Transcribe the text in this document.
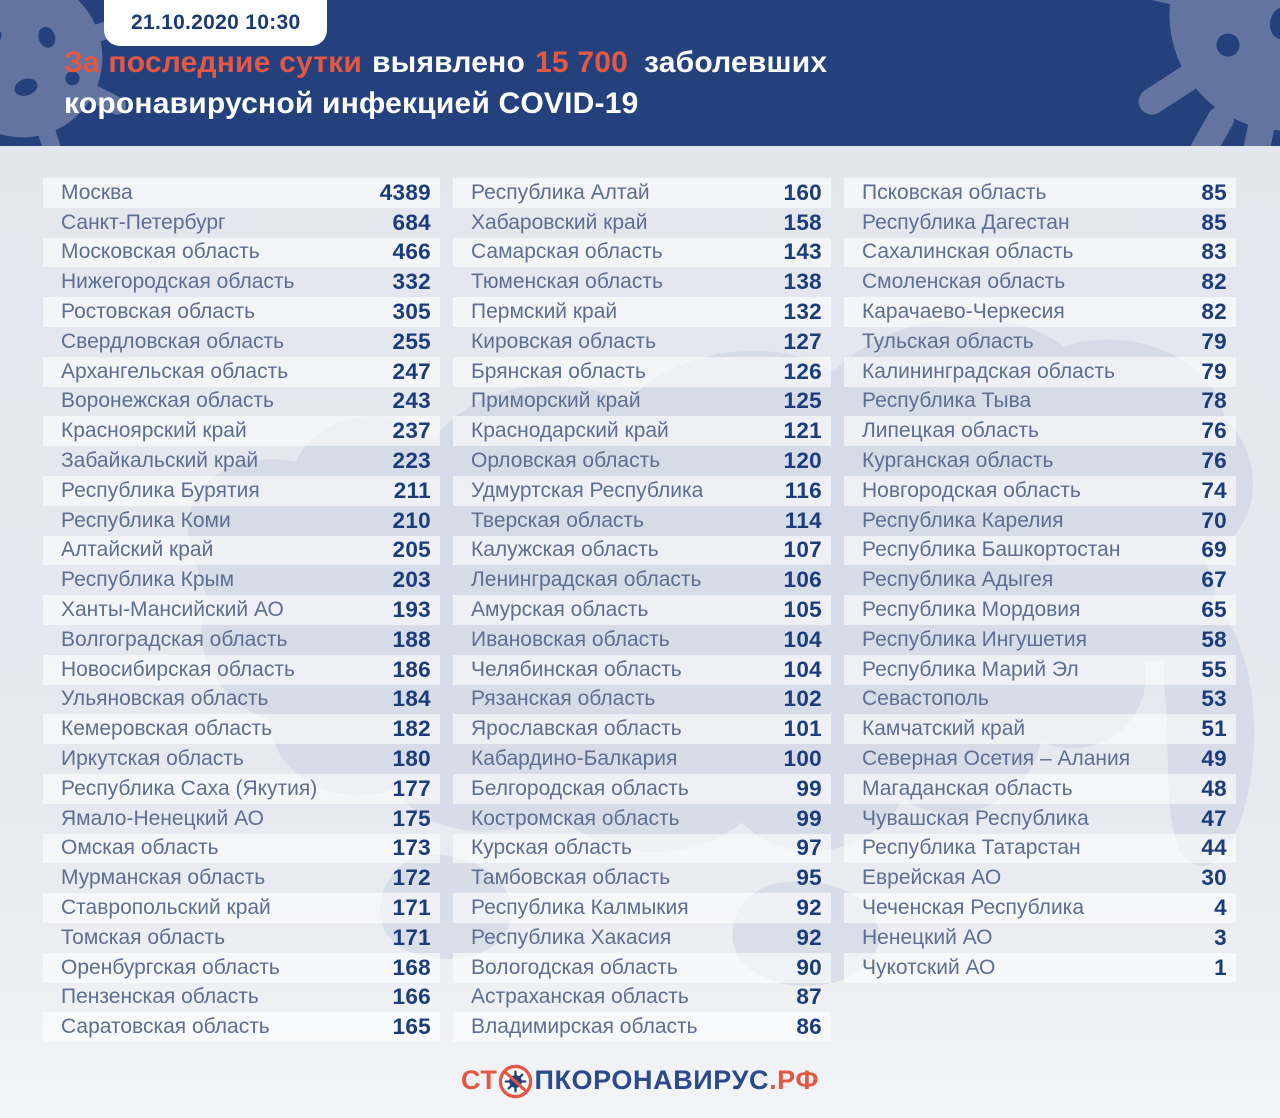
21.10.2020 10:30
За последние сутки выявлено 15 700 заболевших
коронавирусной инфекцией COVID-19
Москва	4389
Санкт-Петербург	684
Московская область	466
Нижегородская область	332
Ростовская область	305
Свердловская область	255
Архангельская область	247
Воронежская область	243
Красноярский край	237
Забайкальский край	223
Республика Бурятия	211
Республика Коми	210
Алтайский край	205
Республика Крым	203
Ханты-Мансийский АО	193
Волгоградская область	188
Новосибирская область	186
Ульяновская область	184
Кемеровская область	182
Иркутская область	180
Республика Саха (Якутия)	177
Ямало-Ненецкий АО	175
Омская область	173
Мурманская область	172
Ставропольский край	171
Томская область	171
Оренбургская область	168
Пензенская область	166
Саратовская область	165
Республика Алтай	160
Хабаровский край	158
Самарская область	143
Тюменская область	138
Пермский край	132
Кировская область	127
Брянская область	126
Приморский край	125
Краснодарский край	121
Орловская область	120
Удмуртская Республика	116
Тверская область	114
Калужская область	107
Ленинградская область	106
Амурская область	105
Ивановская область	104
Челябинская область	104
Рязанская область	102
Ярославская область	101
Кабардино-Балкария	100
Белгородская область	99
Костромская область	99
Курская область	97
Тамбовская область	95
Республика Калмыкия	92
Республика Хакасия	92
Вологодская область	90
Астраханская область	87
Владимирская область	86
Псковская область	85
Республика Дагестан	85
Сахалинская область	83
Смоленская область	82
Карачаево-Черкесия	82
Тульская область	79
Калининградская область	79
Республика Тыва	78
Липецкая область	76
Курганская область	76
Новгородская область	74
Республика Карелия	70
Республика Башкортостан	69
Республика Адыгея	67
Республика Мордовия	65
Республика Ингушетия	58
Республика Марий Эл	55
Севастополь	53
Камчатский край	51
Северная Осетия – Алания	49
Магаданская область	48
Чувашская Республика	47
Республика Татарстан	44
Еврейская АО	30
Чеченская Республика	4
Ненецкий АО	3
Чукотский АО	1
СТ ПКОРОНАВИРУС .РФ
